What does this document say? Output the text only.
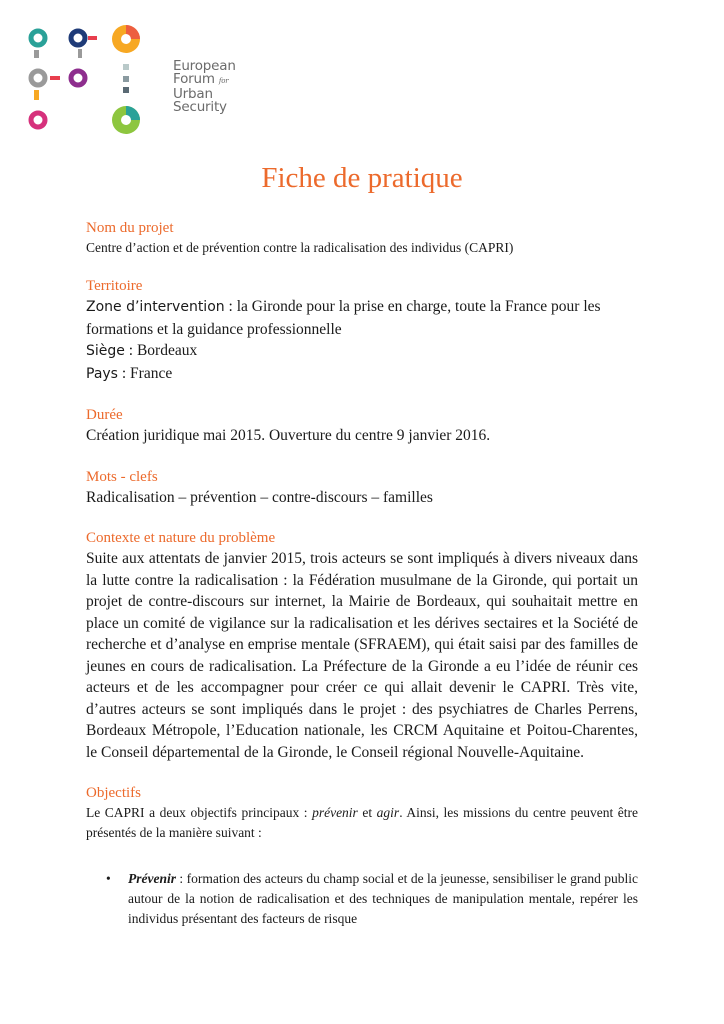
European
Forum for
Urban
Security
Fiche de pratique

Nom du projet

Centre d’action et de prévention contre la radicalisation des individus (CAPRI)

Territoire

Zone d’intervention : la Gironde pour la prise en charge, toute la France pour les formations et la guidance professionnelle
Siège : Bordeaux
Pays : France

Durée

Création juridique mai 2015. Ouverture du centre 9 janvier 2016.

Mots - clefs

Radicalisation – prévention – contre-discours – familles

Contexte et nature du problème

Suite aux attentats de janvier 2015, trois acteurs se sont impliqués à divers niveaux dans la lutte contre la radicalisation : la Fédération musulmane de la Gironde, qui portait un projet de contre-discours sur internet, la Mairie de Bordeaux, qui souhaitait mettre en place un comité de vigilance sur la radicalisation et les dérives sectaires et la Société de recherche et d’analyse en emprise mentale (SFRAEM), qui était saisi par des familles de jeunes en cours de radicalisation. La Préfecture de la Gironde a eu l’idée de réunir ces acteurs et de les accompagner pour créer ce qui allait devenir le CAPRI. Très vite, d’autres acteurs se sont impliqués dans le projet : des psychiatres de Charles Perrens, Bordeaux Métropole, l’Education nationale, les CRCM Aquitaine et Poitou-Charentes, le Conseil départemental de la Gironde, le Conseil régional Nouvelle-Aquitaine.

Objectifs

Le CAPRI a deux objectifs principaux : prévenir et agir. Ainsi, les missions du centre peuvent être présentés de la manière suivant :
• Prévenir : formation des acteurs du champ social et de la jeunesse, sensibiliser le grand public autour de la notion de radicalisation et des techniques de manipulation mentale, repérer les individus présentant des facteurs de risque
